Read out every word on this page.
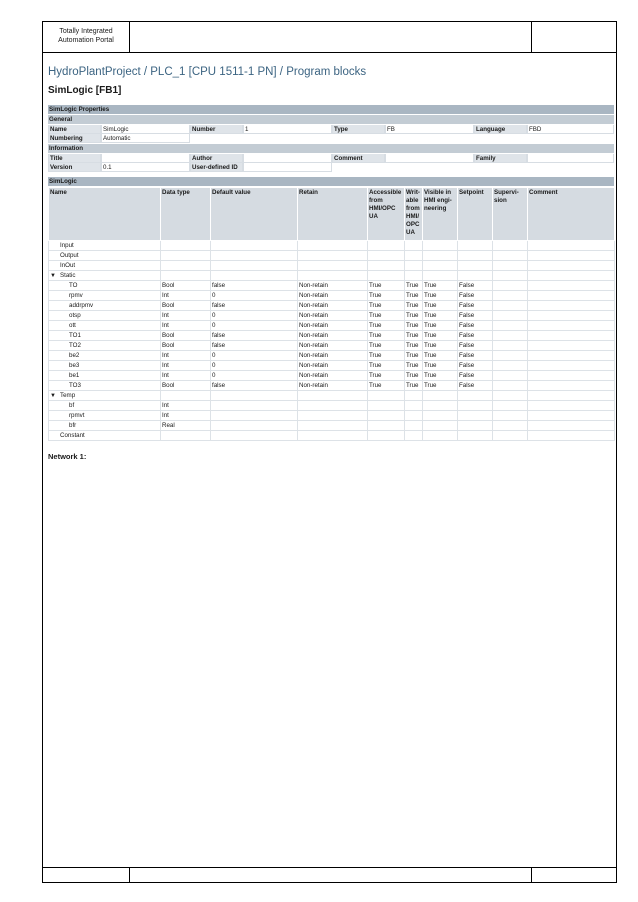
Totally Integrated
Automation Portal
HydroPlantProject / PLC_1 [CPU 1511-1 PN] / Program blocks
SimLogic [FB1]
SimLogic Properties
General
Name	SimLogic	Number	1	Type	FB	Language	FBD
Numbering	Automatic
Information
Title	Author	Comment	Family
Version	0.1	User-defined ID
SimLogic
Name	Data type	Default value	Retain	Accessible from HMI/OPC UA	Writ-able from HMI/ OPC UA	Visible in HMI engi-neering	Setpoint	Supervi-sion	Comment
Input									
Output									
InOut									
▼ Static									
TO	Bool	false	Non-retain	True	True	True	False		
rpmv	Int	0	Non-retain	True	True	True	False		
addrpmv	Bool	false	Non-retain	True	True	True	False		
otsp	Int	0	Non-retain	True	True	True	False		
ott	Int	0	Non-retain	True	True	True	False		
TO1	Bool	false	Non-retain	True	True	True	False		
TO2	Bool	false	Non-retain	True	True	True	False		
be2	Int	0	Non-retain	True	True	True	False		
be3	Int	0	Non-retain	True	True	True	False		
be1	Int	0	Non-retain	True	True	True	False		
TO3	Bool	false	Non-retain	True	True	True	False		
▼ Temp									
bf	Int								
rpmvt	Int								
bfr	Real								
Constant									
Network 1:
